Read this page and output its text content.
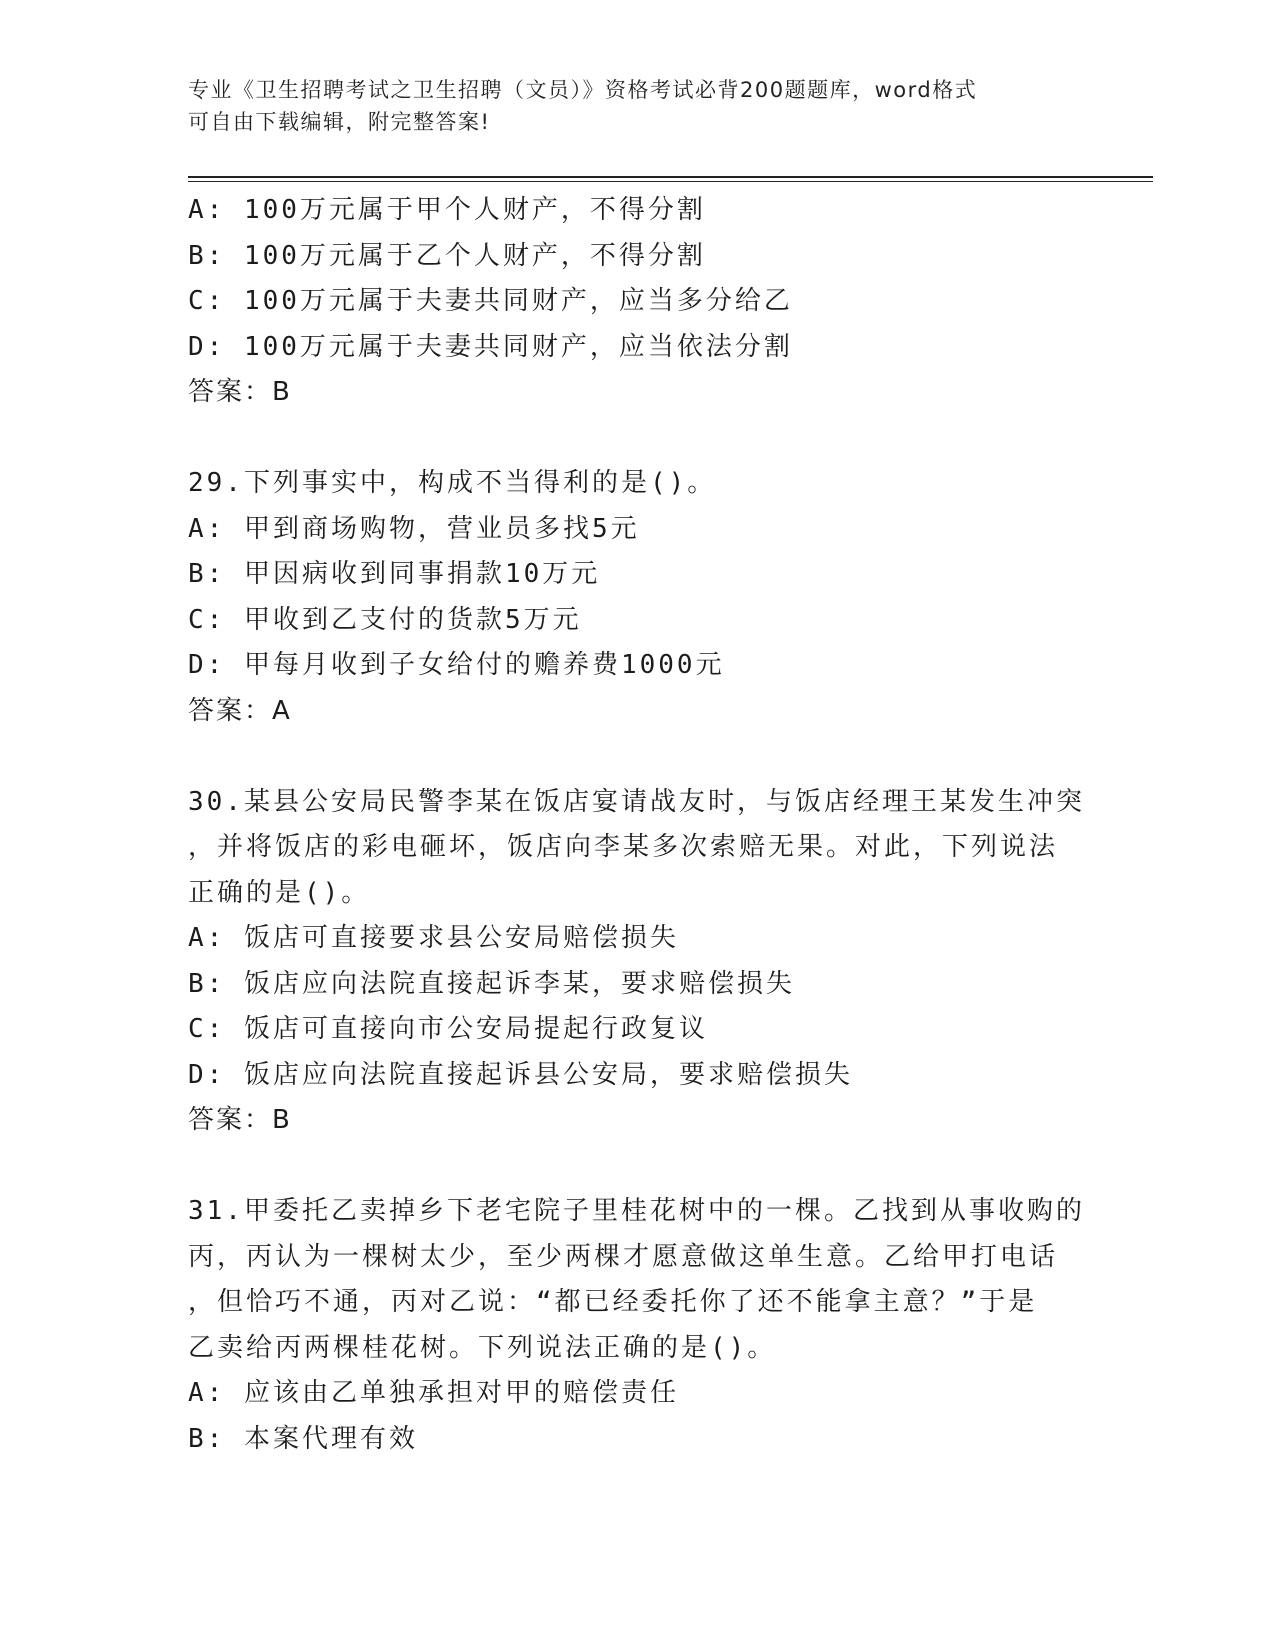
专业《卫生招聘考试之卫生招聘（文员）》资格考试必背200题题库，word格式
可自由下载编辑，附完整答案!
A: 100万元属于甲个人财产，不得分割
B: 100万元属于乙个人财产，不得分割
C: 100万元属于夫妻共同财产，应当多分给乙
D: 100万元属于夫妻共同财产，应当依法分割
答案：B
29.下列事实中，构成不当得利的是()。
A: 甲到商场购物，营业员多找5元
B: 甲因病收到同事捐款10万元
C: 甲收到乙支付的货款5万元
D: 甲每月收到子女给付的赡养费1000元
答案：A
30.某县公安局民警李某在饭店宴请战友时，与饭店经理王某发生冲突
，并将饭店的彩电砸坏，饭店向李某多次索赔无果。对此，下列说法
正确的是()。
A: 饭店可直接要求县公安局赔偿损失
B: 饭店应向法院直接起诉李某，要求赔偿损失
C: 饭店可直接向市公安局提起行政复议
D: 饭店应向法院直接起诉县公安局，要求赔偿损失
答案：B
31.甲委托乙卖掉乡下老宅院子里桂花树中的一棵。乙找到从事收购的
丙，丙认为一棵树太少，至少两棵才愿意做这单生意。乙给甲打电话
，但恰巧不通，丙对乙说：“都已经委托你了还不能拿主意？”于是
乙卖给丙两棵桂花树。下列说法正确的是()。
A: 应该由乙单独承担对甲的赔偿责任
B: 本案代理有效
